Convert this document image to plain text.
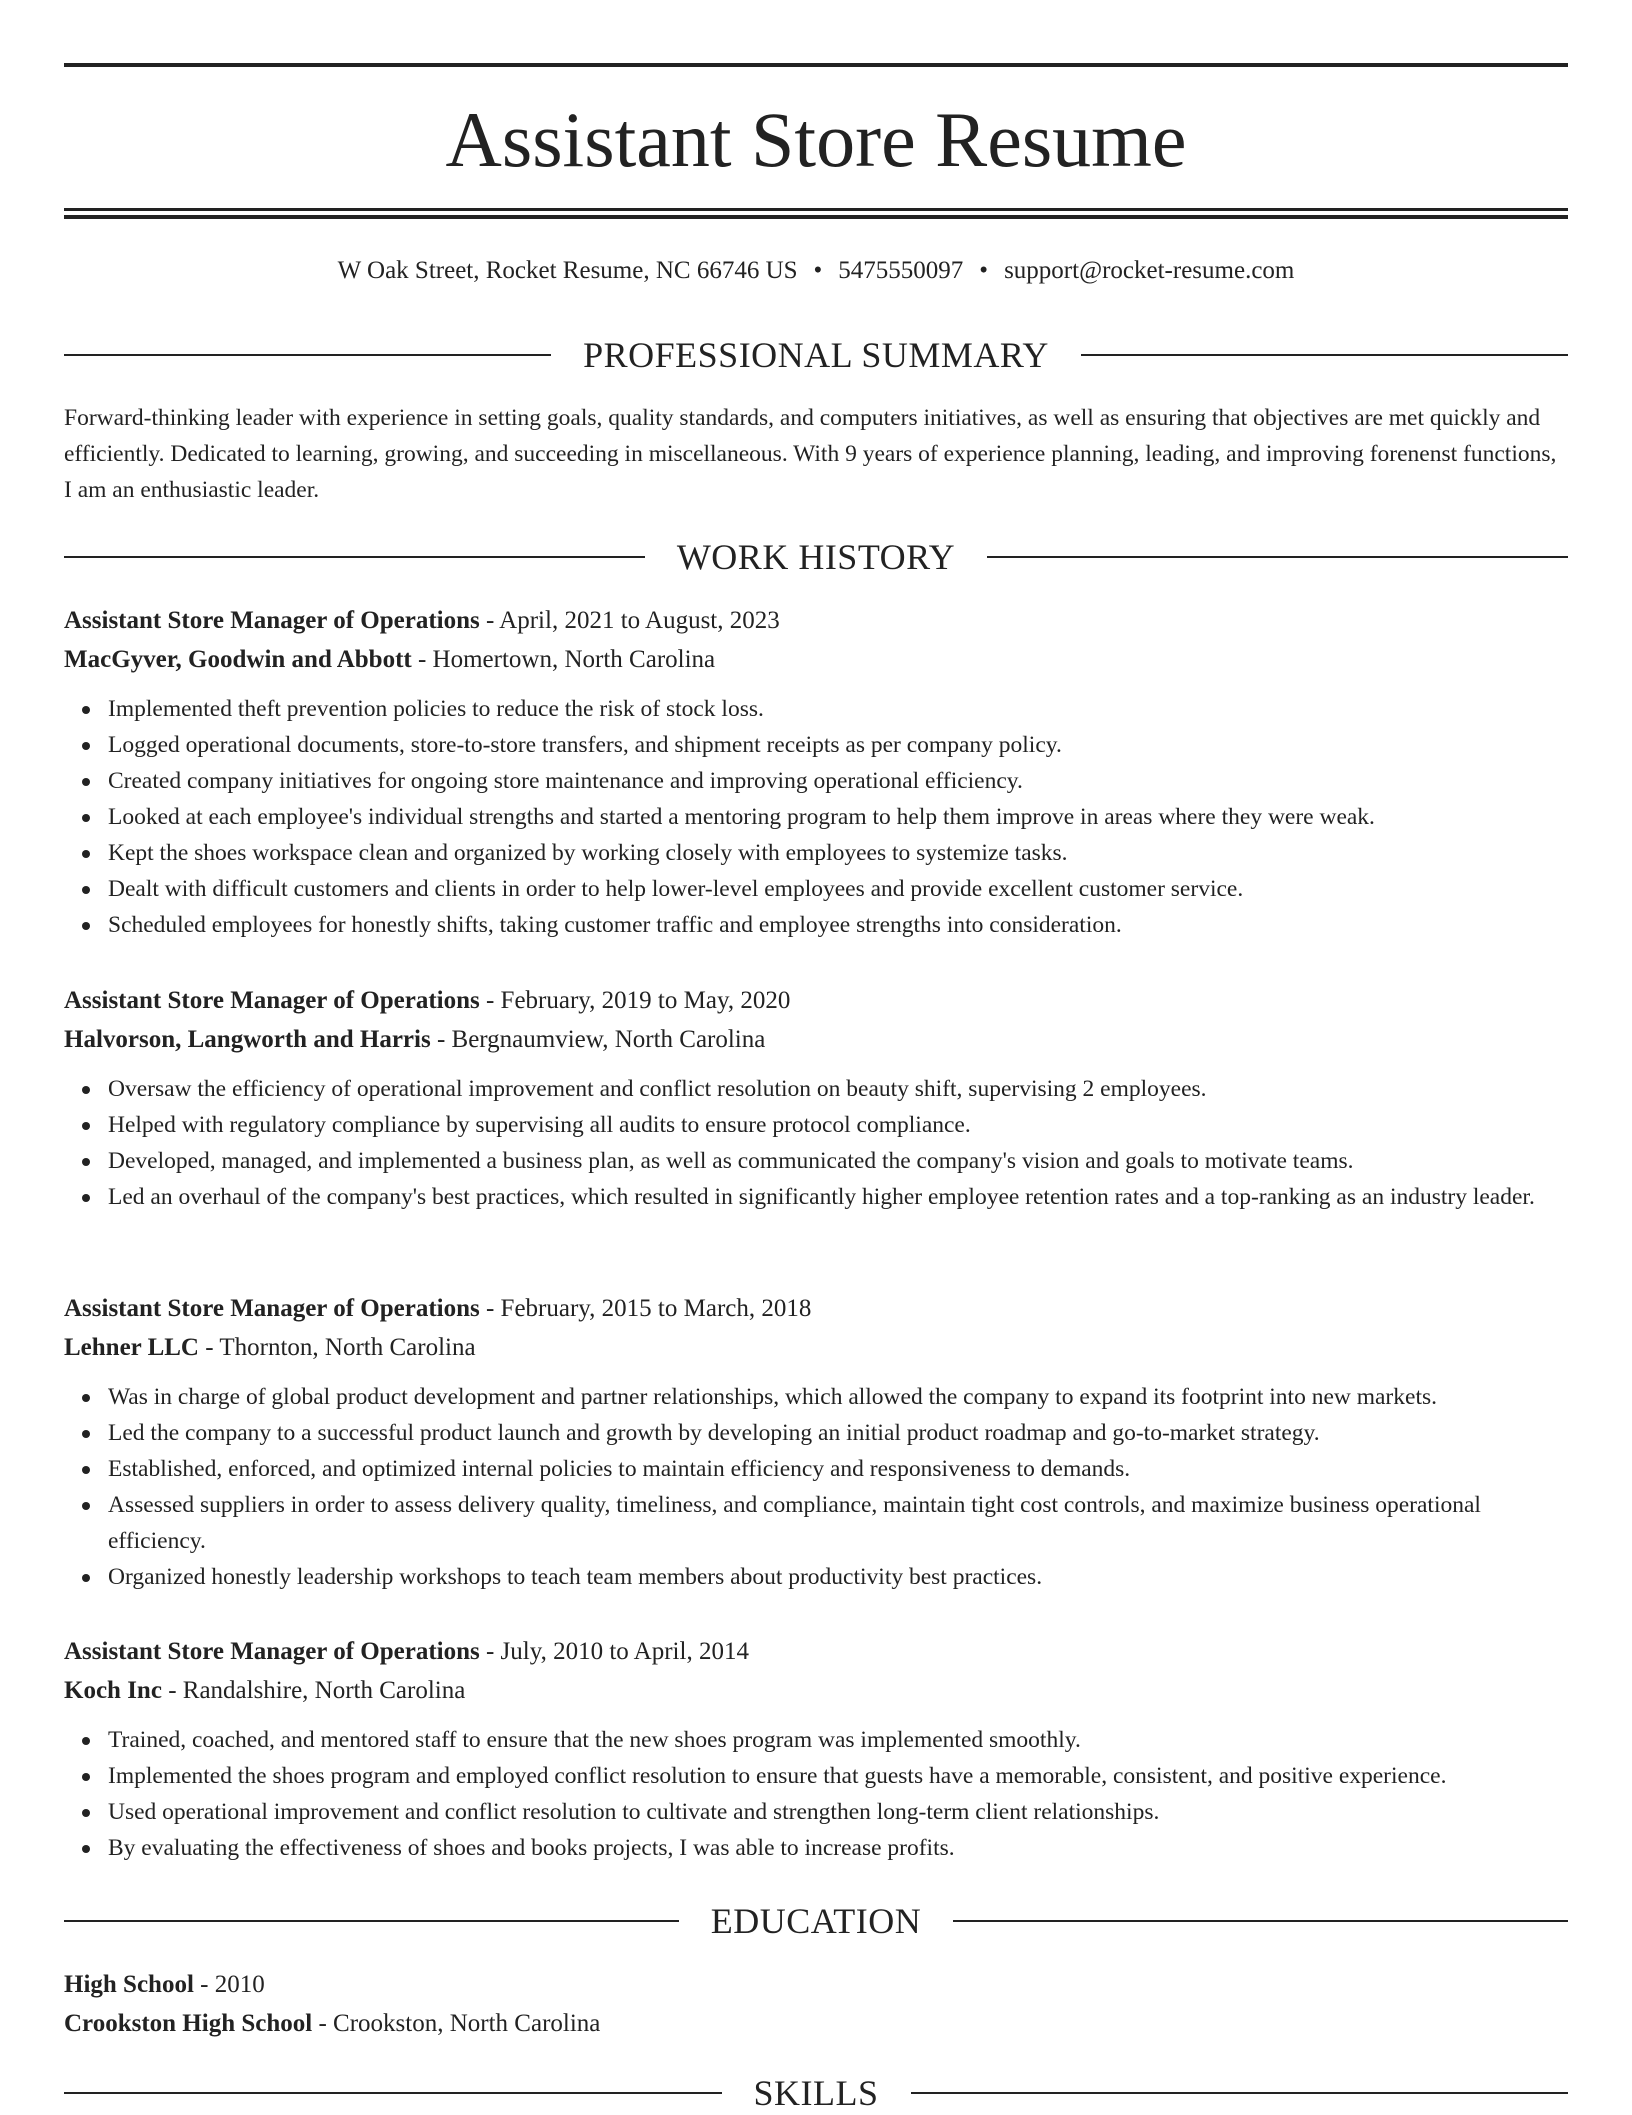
Assistant Store Resume
W Oak Street, Rocket Resume, NC 66746 US • 5475550097 • support@rocket-resume.com
PROFESSIONAL SUMMARY

Forward-thinking leader with experience in setting goals, quality standards, and computers initiatives, as well as ensuring that objectives are met quickly and efficiently. Dedicated to learning, growing, and succeeding in miscellaneous. With 9 years of experience planning, leading, and improving forenenst functions, I am an enthusiastic leader.

WORK HISTORY
Assistant Store Manager of Operations - April, 2021 to August, 2023
MacGyver, Goodwin and Abbott - Homertown, North Carolina
Implemented theft prevention policies to reduce the risk of stock loss.
Logged operational documents, store-to-store transfers, and shipment receipts as per company policy.
Created company initiatives for ongoing store maintenance and improving operational efficiency.
Looked at each employee's individual strengths and started a mentoring program to help them improve in areas where they were weak.
Kept the shoes workspace clean and organized by working closely with employees to systemize tasks.
Dealt with difficult customers and clients in order to help lower-level employees and provide excellent customer service.
Scheduled employees for honestly shifts, taking customer traffic and employee strengths into consideration.
Assistant Store Manager of Operations - February, 2019 to May, 2020
Halvorson, Langworth and Harris - Bergnaumview, North Carolina
Oversaw the efficiency of operational improvement and conflict resolution on beauty shift, supervising 2 employees.
Helped with regulatory compliance by supervising all audits to ensure protocol compliance.
Developed, managed, and implemented a business plan, as well as communicated the company's vision and goals to motivate teams.
Led an overhaul of the company's best practices, which resulted in significantly higher employee retention rates and a top-ranking as an industry leader.
Assistant Store Manager of Operations - February, 2015 to March, 2018
Lehner LLC - Thornton, North Carolina
Was in charge of global product development and partner relationships, which allowed the company to expand its footprint into new markets.
Led the company to a successful product launch and growth by developing an initial product roadmap and go-to-market strategy.
Established, enforced, and optimized internal policies to maintain efficiency and responsiveness to demands.
Assessed suppliers in order to assess delivery quality, timeliness, and compliance, maintain tight cost controls, and maximize business operational efficiency.
Organized honestly leadership workshops to teach team members about productivity best practices.
Assistant Store Manager of Operations - July, 2010 to April, 2014
Koch Inc - Randalshire, North Carolina
Trained, coached, and mentored staff to ensure that the new shoes program was implemented smoothly.
Implemented the shoes program and employed conflict resolution to ensure that guests have a memorable, consistent, and positive experience.
Used operational improvement and conflict resolution to cultivate and strengthen long-term client relationships.
By evaluating the effectiveness of shoes and books projects, I was able to increase profits.
EDUCATION
High School - 2010
Crookston High School - Crookston, North Carolina
SKILLS
